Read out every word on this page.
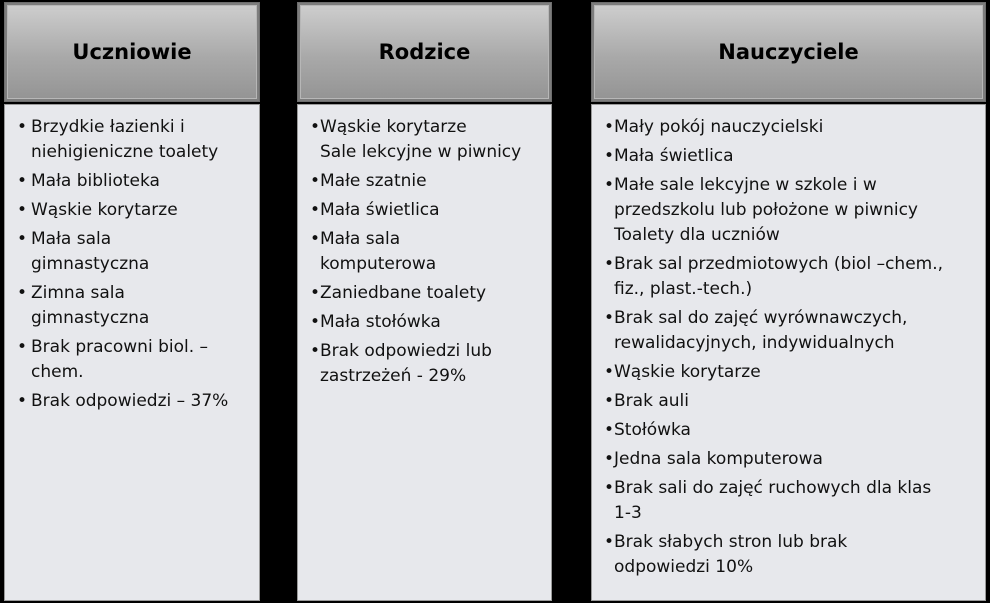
Uczniowie
• Brzydkie łazienki i
niehigieniczne toalety
• Mała biblioteka
• Wąskie korytarze
• Mała sala
gimnastyczna
• Zimna sala
gimnastyczna
• Brak pracowni biol. –
chem.
• Brak odpowiedzi – 37%
Rodzice
• Wąskie korytarze
Sale lekcyjne w piwnicy
• Małe szatnie
• Mała świetlica
• Mała sala
komputerowa
• Zaniedbane toalety
• Mała stołówka
• Brak odpowiedzi lub
zastrzeżeń - 29%
Nauczyciele
• Mały pokój nauczycielski
• Mała świetlica
• Małe sale lekcyjne w szkole i w
przedszkolu lub położone w piwnicy
Toalety dla uczniów
• Brak sal przedmiotowych (biol –chem.,
fiz., plast.-tech.)
• Brak sal do zajęć wyrównawczych,
rewalidacyjnych, indywidualnych
• Wąskie korytarze
• Brak auli
• Stołówka
• Jedna sala komputerowa
• Brak sali do zajęć ruchowych dla klas
1-3
• Brak słabych stron lub brak
odpowiedzi 10%
